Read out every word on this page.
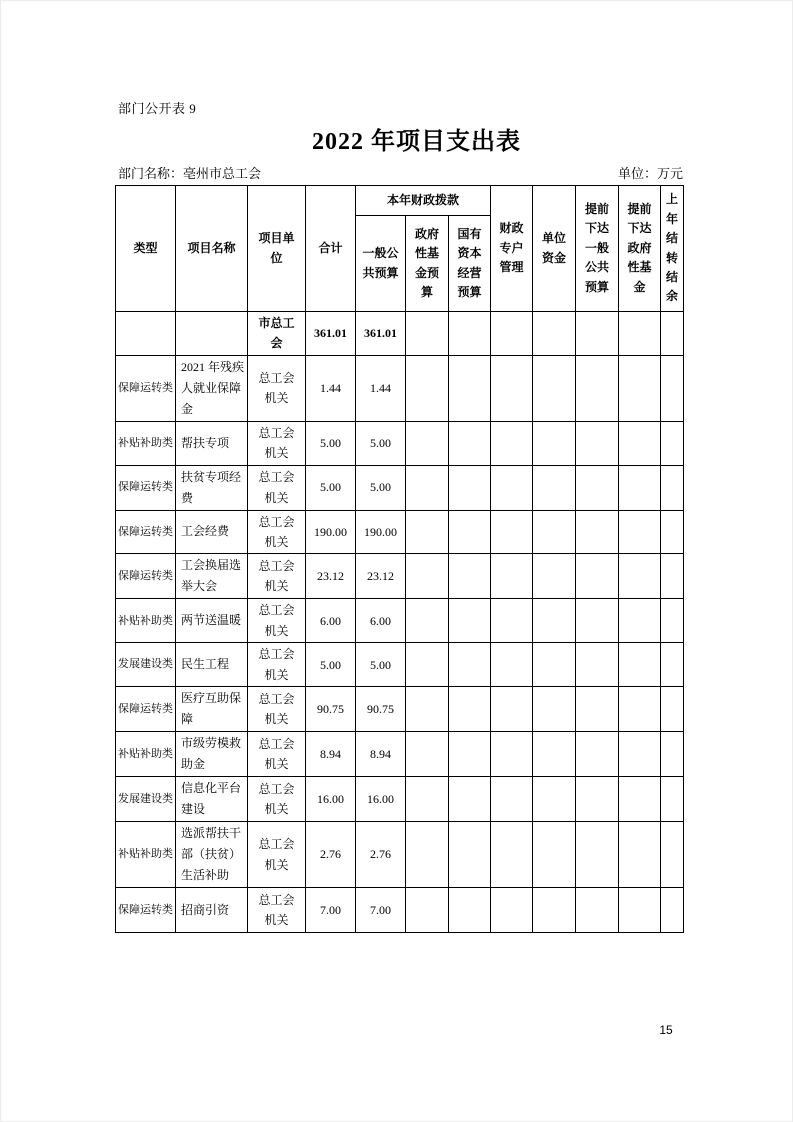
部门公开表 9
2022 年项目支出表
部门名称：亳州市总工会	单位：万元
类型	项目名称	项目单位	合计	本年财政拨款			财政专户管理	单位资金	提前下达一般公共预算	提前下达政府性基金	上年结转结余
				一般公共预算	政府性基金预算	国有资本经营预算					
		市总工会	361.01	361.01							
保障运转类	2021 年残疾人就业保障金	总工会机关	1.44	1.44							
补贴补助类	帮扶专项	总工会机关	5.00	5.00							
保障运转类	扶贫专项经费	总工会机关	5.00	5.00							
保障运转类	工会经费	总工会机关	190.00	190.00							
保障运转类	工会换届选举大会	总工会机关	23.12	23.12							
补贴补助类	两节送温暖	总工会机关	6.00	6.00							
发展建设类	民生工程	总工会机关	5.00	5.00							
保障运转类	医疗互助保障	总工会机关	90.75	90.75							
补贴补助类	市级劳模救助金	总工会机关	8.94	8.94							
发展建设类	信息化平台建设	总工会机关	16.00	16.00							
补贴补助类	选派帮扶干部（扶贫）生活补助	总工会机关	2.76	2.76							
保障运转类	招商引资	总工会机关	7.00	7.00							
15
